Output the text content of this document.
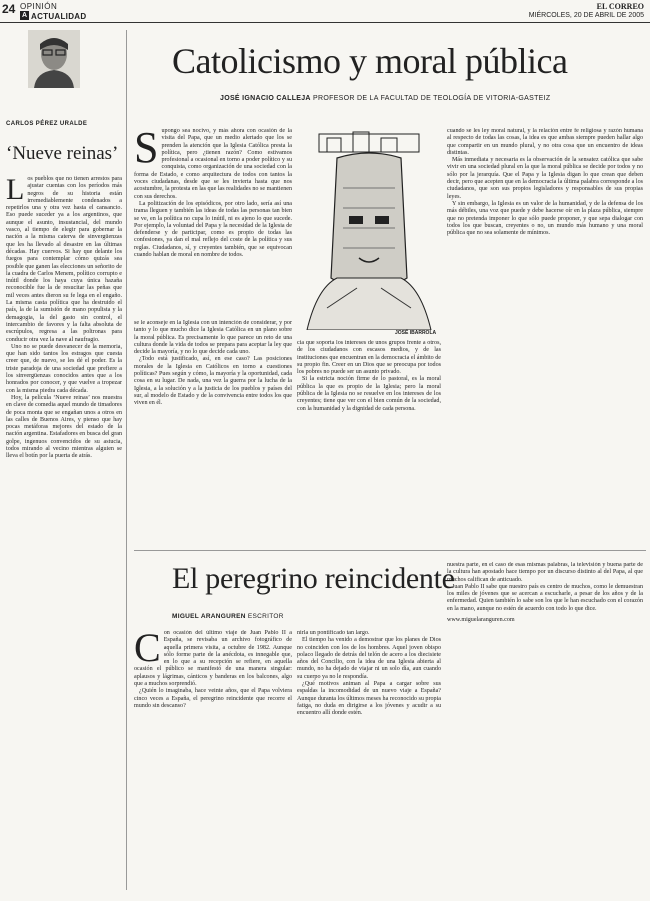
24 OPINIÓN
A ACTUALIDAD
EL CORREO
MIÉRCOLES, 20 DE ABRIL DE 2005
CARLOS PÉREZ URALDE
‘Nueve reinas’
L os pueblos que no tienen arrestos para ajustar cuentas con los períodos más negros de su historia están irremediablemente condenados a repetirlos una y otra vez hasta el cansancio. Eso puede suceder ya a los argentinos, que aunque el asunto, insustancial, del mundo vasco, al tiempo de elegir para gobernar la nación a la misma caterva de sinvergüenzas que les ha llevado al desastre en las últimas décadas. Hay cuervos. Si hay que delante los fuegos para contemplar cómo quizás sea posible que ganen las elecciones un señorito de la cuadra de Carlos Menem, político corrupto e inútil donde los haya cuya única hazaña reconocible fue la de resucitar las peñas que mil veces antes dieron su fe lega en el engaño. La misma casta política que ha destruido el país, la de la sumisión de mano populista y la demagogia, la del gasto sin control, el intercambio de favores y la falta absoluta de escrúpulos, regresa a las poltronas para conducir otra vez la nave al naufragio.

Uno no se puede desvanecer de la memoria, que han sido tantos los estragos que cuesta creer que, de nuevo, se les dé el poder. Es la triste paradoja de una sociedad que prefiere a los sinvergüenzas conocidos antes que a los honrados por conocer, y que vuelve a tropezar con la misma piedra cada década.

Hoy, la película ‘Nueve reinas’ nos muestra en clave de comedia aquel mundo de timadores de poca monta que se engañan unos a otros en las calles de Buenos Aires, y pienso que hay pocas metáforas mejores del estado de la nación argentina. Estafadores en busca del gran golpe, ingenuos convencidos de su astucia, todos mirando al vecino mientras alguien se lleva el botín por la puerta de atrás.

Catolicismo y moral pública
JOSÉ IGNACIO CALLEJA PROFESOR DE LA FACULTAD DE TEOLOGÍA DE VITORIA-GASTEIZ
S upongo sea nocivo, y más ahora con ocasión de la visita del Papa, que un medio alertado que los se prenden la atención que la Iglesia Católica presta la política, pero ¿tienen razón? Como estivamos profesional a ocasional en torno a poder político y su conquista, como organización de una sociedad con la forma de Estado, e como arquitectura de todos con tantos la voces ciudadanas, desde que se les invierta hasta que nos acostumbre, la protesta en las que las realidades no se mantienen con sus derechos.

La politización de los episódicos, por otro lado, sería así una trama lleguen y también las ideas de todas las personas tan bien se ve, en la política no cupa lo inútil, ni es ajeno lo que sucede. Por ejemplo, la voluntad del Papa y la necesidad de la Iglesia de defenderse y de participar, como es propio de todas las confesiones, ya dan el mal reflejo del coste de la política y sus reglas. Ciudadanos, sí, y creyentes también, que se equivocan cuando hablan de moral en nombre de todos.

JOSÉ IBARROLA

cia que soporta los intereses de unos grupos frente a otros, de los ciudadanos con escasos medios, y de las instituciones que encuentran en la democracia el ámbito de su propio fin. Creer en un Dios que se preocupa por todos los pobres no puede ser un asunto privado.

Si la estricta noción firme de lo pastoral, es la moral pública la que es propio de la Iglesia; pero la moral pública de la Iglesia no se resuelve en los intereses de los creyentes; tiene que ver con el bien común de la sociedad, con la humanidad y la dignidad de cada persona.

cuando se les ley moral natural, y la relación entre fe religiosa y razón humana al respecto de todas las cosas, la idea es que ambas siempre pueden hallar algo que compartir en un mundo plural, y no otra cosa que un encuentro de ideas distintas.

Más inmediata y necesaria es la observación de la sensatez católica que sabe vivir en una sociedad plural en la que la moral pública se decide por todos y no sólo por la jerarquía. Que el Papa y la Iglesia digan lo que crean que deben decir, pero que acepten que en la democracia la última palabra corresponde a los ciudadanos, que son sus propios legisladores y responsables de sus propias leyes.

Y sin embargo, la Iglesia es un valor de la humanidad, y de la defensa de los más débiles, una voz que puede y debe hacerse oír en la plaza pública, siempre que no pretenda imponer lo que sólo puede proponer, y que sepa dialogar con todos los que buscan, creyentes o no, un mundo más humano y una moral pública que no sea solamente de mínimos.

se le aconseje en la Iglesia con un intención de considerar, y por tanto y lo que mucho dice la Iglesia Católica en un plano sobre la moral pública. Es precisamente lo que parece un reto de una cultura donde la vida de todos se prepara para aceptar la ley que decide la mayoría, y no lo que decide cada uno.

¿Todo está justificado, así, en ese caso? Las posiciones morales de la Iglesia en Católicos en torno a cuestiones políticas? Pues según y cómo, la mayoría y la oportunidad, cada cosa en su lugar. De nada, una vez la guerra por la lucha de la Iglesia, a la solución y a la justicia de los pueblos y países del sur, al modelo de Estado y de la convivencia entre todos los que viven en él.

El peregrino reincidente
MIGUEL ARANGUREN ESCRITOR
C on ocasión del último viaje de Juan Pablo II a España, se revisaba un archivo fotográfico de aquella primera visita, a octubre de 1982. Aunque sólo forme parte de la anécdota, es innegable que, en lo que a su recepción se refiere, en aquella ocasión el público se manifestó de una manera singular: aplausos y lágrimas, cánticos y banderas en los balcones, algo que a muchos sorprendió.

¿Quién lo imaginaba, hace veinte años, que el Papa volviera cinco veces a España, el peregrino reincidente que recorre el mundo sin descanso?

nirla un pontificado tan largo.

El tiempo ha venido a demostrar que los planes de Dios no coinciden con los de los hombres. Aquel joven obispo polaco llegado de detrás del telón de acero a los diecisiete años del Concilio, con la idea de una Iglesia abierta al mundo, no ha dejado de viajar ni un solo día, aun cuando su cuerpo ya no le respondía.

¿Qué motivos animan al Papa a cargar sobre sus espaldas la incomodidad de un nuevo viaje a España? Aunque duranta los últimos meses ha reconocido su propia fatiga, no duda en dirigirse a los jóvenes y acudir a su encuentro allí donde estén.

nuestra parte, en el caso de esas mismas palabras, la televisión y buena parte de la cultura han apostado hace tiempo por un discurso distinto al del Papa, al que muchos califican de anticuado.

Juan Pablo II sabe que nuestro país es centro de muchos, como le demuestran los miles de jóvenes que se acercan a escucharle, a pesar de los años y de la enfermedad. Quien también lo sabe son los que le han escuchado con el corazón en la mano, aunque no estén de acuerdo con todo lo que dice.

www.miguelaranguren.com
